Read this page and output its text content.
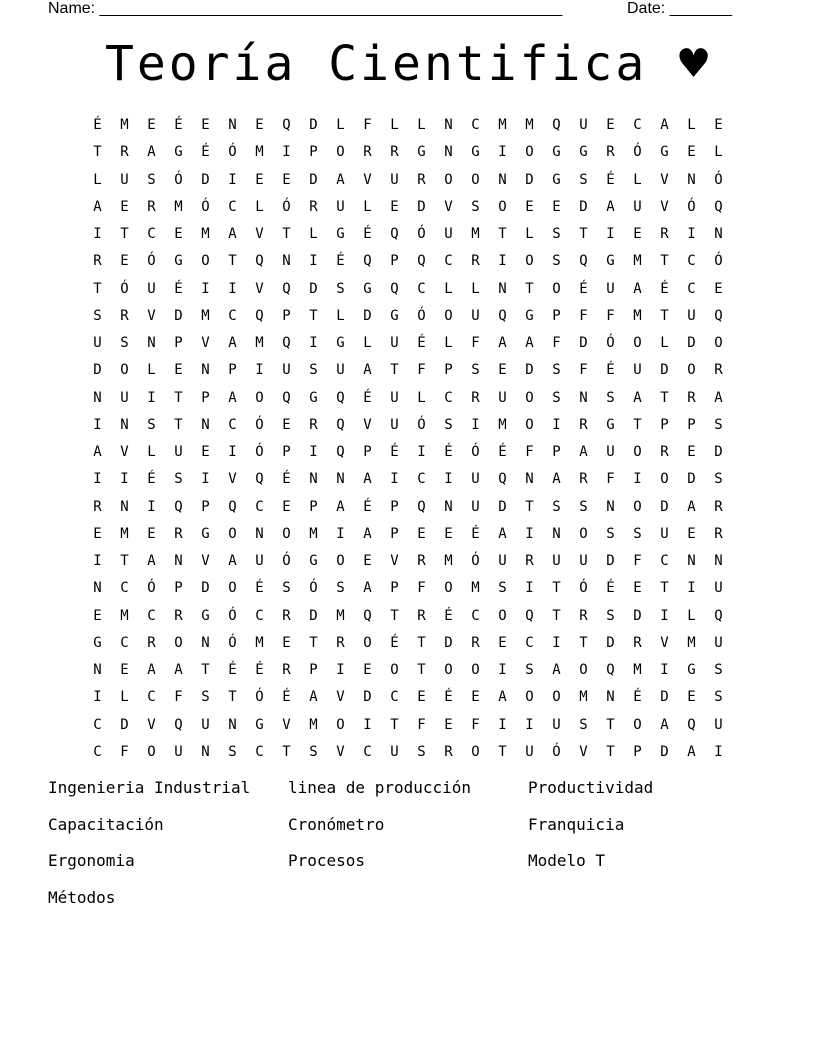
Name: ____________________________________________________	Date: _______
Teoría Cientifica ♥
É	M	E	É	E	N	E	Q	D	L	F	L	L	N	C	M	M	Q	U	E	C	A	L	E
T	R	A	G	É	Ó	M	I	P	O	R	R	G	N	G	I	O	G	G	R	Ó	G	E	L
L	U	S	Ó	D	I	E	E	D	A	V	U	R	O	O	N	D	G	S	É	L	V	N	Ó
A	E	R	M	Ó	C	L	Ó	R	U	L	E	D	V	S	O	E	E	D	A	U	V	Ó	Q
I	T	C	E	M	A	V	T	L	G	É	Q	Ó	U	M	T	L	S	T	I	E	R	I	N
R	E	Ó	G	O	T	Q	N	I	É	Q	P	Q	C	R	I	O	S	Q	G	M	T	C	Ó
T	Ó	U	É	I	I	V	Q	D	S	G	Q	C	L	L	N	T	O	É	U	A	É	C	E
S	R	V	D	M	C	Q	P	T	L	D	G	Ó	O	U	Q	G	P	F	F	M	T	U	Q
U	S	N	P	V	A	M	Q	I	G	L	U	É	L	F	A	A	F	D	Ó	O	L	D	O
D	O	L	E	N	P	I	U	S	U	A	T	F	P	S	E	D	S	F	É	U	D	O	R
N	U	I	T	P	A	O	Q	G	Q	É	U	L	C	R	U	O	S	N	S	A	T	R	A
I	N	S	T	N	C	Ó	E	R	Q	V	U	Ó	S	I	M	O	I	R	G	T	P	P	S
A	V	L	U	E	I	Ó	P	I	Q	P	É	I	É	Ó	É	F	P	A	U	O	R	E	D
I	I	É	S	I	V	Q	É	N	N	A	I	C	I	U	Q	N	A	R	F	I	O	D	S
R	N	I	Q	P	Q	C	E	P	A	É	P	Q	N	U	D	T	S	S	N	O	D	A	R
E	M	E	R	G	O	N	O	M	I	A	P	E	E	É	A	I	N	O	S	S	U	E	R
I	T	A	N	V	A	U	Ó	G	O	E	V	R	M	Ó	U	R	U	U	D	F	C	N	N
N	C	Ó	P	D	O	É	S	Ó	S	A	P	F	O	M	S	I	T	Ó	É	E	T	I	U
E	M	C	R	G	Ó	C	R	D	M	Q	T	R	É	C	O	Q	T	R	S	D	I	L	Q
G	C	R	O	N	Ó	M	E	T	R	O	É	T	D	R	E	C	I	T	D	R	V	M	U
N	E	A	A	T	É	É	R	P	I	E	O	T	O	O	I	S	A	O	Q	M	I	G	S
I	L	C	F	S	T	Ó	É	A	V	D	C	E	É	E	A	O	O	M	N	É	D	E	S
C	D	V	Q	U	N	G	V	M	O	I	T	F	E	F	I	I	U	S	T	O	A	Q	U
C	F	O	U	N	S	C	T	S	V	C	U	S	R	O	T	U	Ó	V	T	P	D	A	I
Ingenieria Industrial	linea de producción	Productividad
Capacitación	Cronómetro	Franquicia
Ergonomia	Procesos	Modelo T
Métodos
